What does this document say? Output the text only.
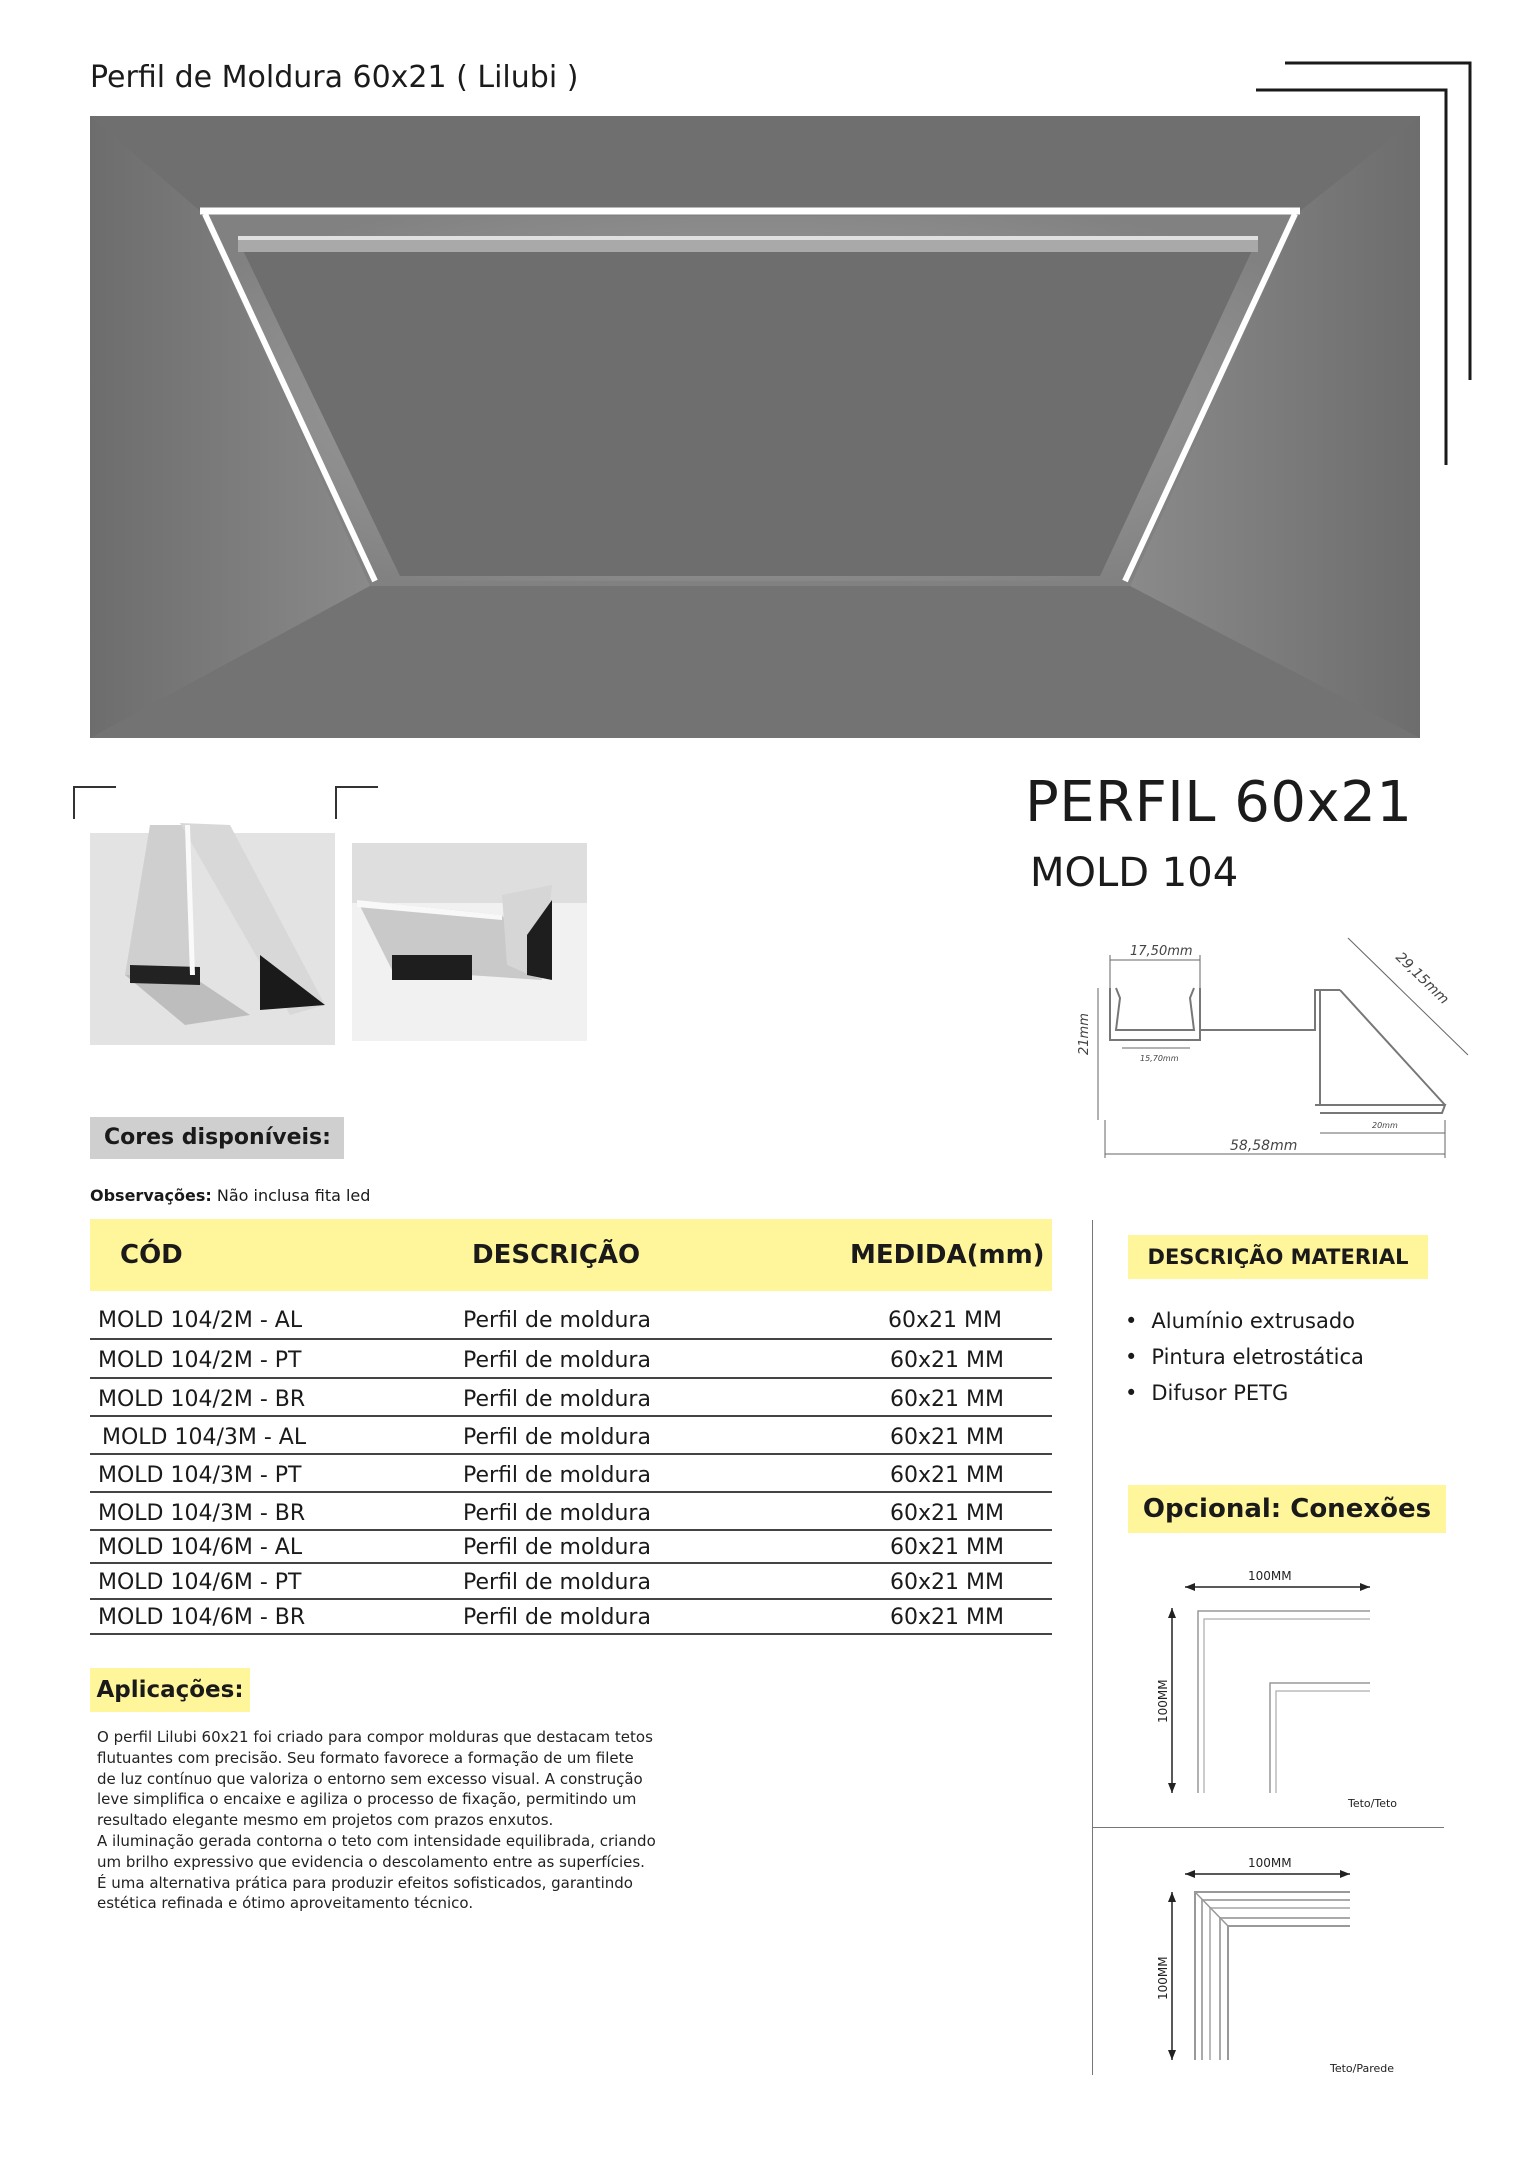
Perfil de Moldura 60x21 ( Lilubi )
PERFIL 60x21
MOLD 104
17,50mm	29,15mm
21mm
15,70mm
58,58mm
20mm
Cores disponíveis:
Observações: Não inclusa fita led
CÓD	DESCRIÇÃO	MEDIDA(mm)
MOLD 104/2M - AL	Perfil de moldura	60x21 MM
MOLD 104/2M - PT	Perfil de moldura	60x21 MM
MOLD 104/2M - BR	Perfil de moldura	60x21 MM
MOLD 104/3M - AL	Perfil de moldura	60x21 MM
MOLD 104/3M - PT	Perfil de moldura	60x21 MM
MOLD 104/3M - BR	Perfil de moldura	60x21 MM
MOLD 104/6M - AL	Perfil de moldura	60x21 MM
MOLD 104/6M - PT	Perfil de moldura	60x21 MM
MOLD 104/6M - BR	Perfil de moldura	60x21 MM
DESCRIÇÃO MATERIAL
• Alumínio extrusado
• Pintura eletrostática
• Difusor PETG
Opcional: Conexões
100MM
100MM
Teto/Teto
100MM
100MM
Teto/Parede
Aplicações:

O perfil Lilubi 60x21 foi criado para compor molduras que destacam tetos flutuantes com precisão. Seu formato favorece a formação de um filete de luz contínuo que valoriza o entorno sem excesso visual. A construção leve simplifica o encaixe e agiliza o processo de fixação, permitindo um resultado elegante mesmo em projetos com prazos enxutos.

A iluminação gerada contorna o teto com intensidade equilibrada, criando um brilho expressivo que evidencia o descolamento entre as superfícies. É uma alternativa prática para produzir efeitos sofisticados, garantindo estética refinada e ótimo aproveitamento técnico.
